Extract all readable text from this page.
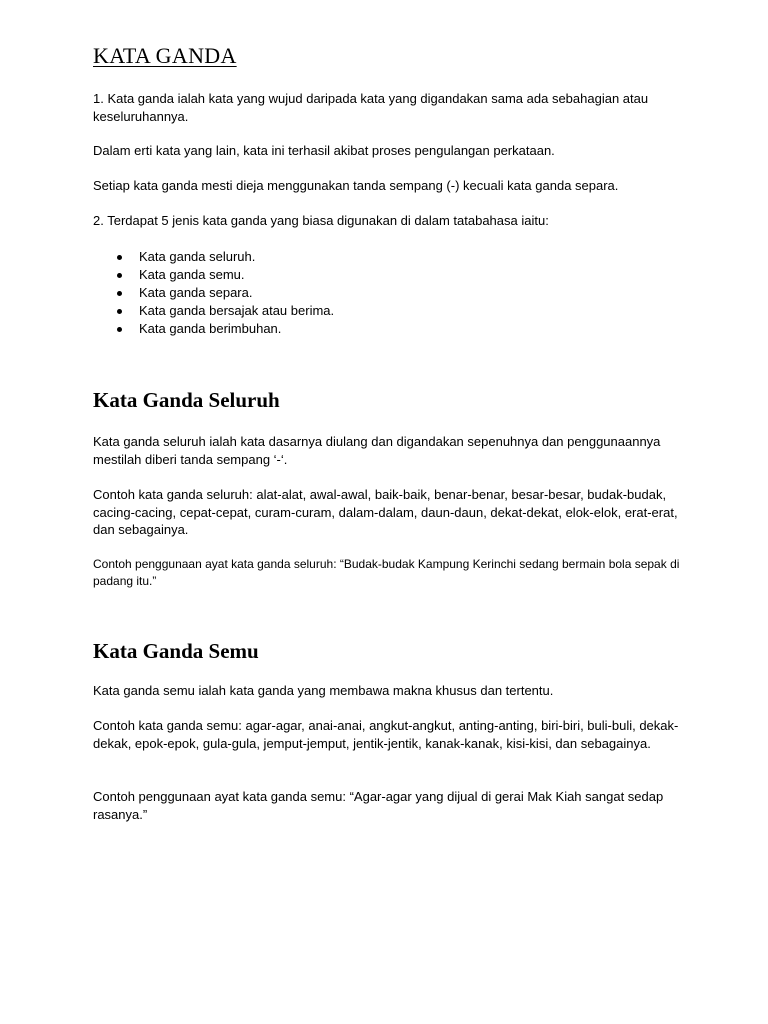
KATA GANDA

1. Kata ganda ialah kata yang wujud daripada kata yang digandakan sama ada sebahagian atau keseluruhannya.

Dalam erti kata yang lain, kata ini terhasil akibat proses pengulangan perkataan.

Setiap kata ganda mesti dieja menggunakan tanda sempang (-) kecuali kata ganda separa.

2. Terdapat 5 jenis kata ganda yang biasa digunakan di dalam tatabahasa iaitu:

Kata ganda seluruh.
Kata ganda semu.
Kata ganda separa.
Kata ganda bersajak atau berima.
Kata ganda berimbuhan.
Kata Ganda Seluruh

Kata ganda seluruh ialah kata dasarnya diulang dan digandakan sepenuhnya dan penggunaannya mestilah diberi tanda sempang ‘-‘.

Contoh kata ganda seluruh: alat-alat, awal-awal, baik-baik, benar-benar, besar-besar, budak-budak, cacing-cacing, cepat-cepat, curam-curam, dalam-dalam, daun-daun, dekat-dekat, elok-elok, erat-erat, dan sebagainya.

Contoh penggunaan ayat kata ganda seluruh: “Budak-budak Kampung Kerinchi sedang bermain bola sepak di padang itu.”

Kata Ganda Semu

Kata ganda semu ialah kata ganda yang membawa makna khusus dan tertentu.

Contoh kata ganda semu: agar-agar, anai-anai, angkut-angkut, anting-anting, biri-biri, buli-buli, dekak-dekak, epok-epok, gula-gula, jemput-jemput, jentik-jentik, kanak-kanak, kisi-kisi, dan sebagainya.

Contoh penggunaan ayat kata ganda semu: “Agar-agar yang dijual di gerai Mak Kiah sangat sedap rasanya.”
